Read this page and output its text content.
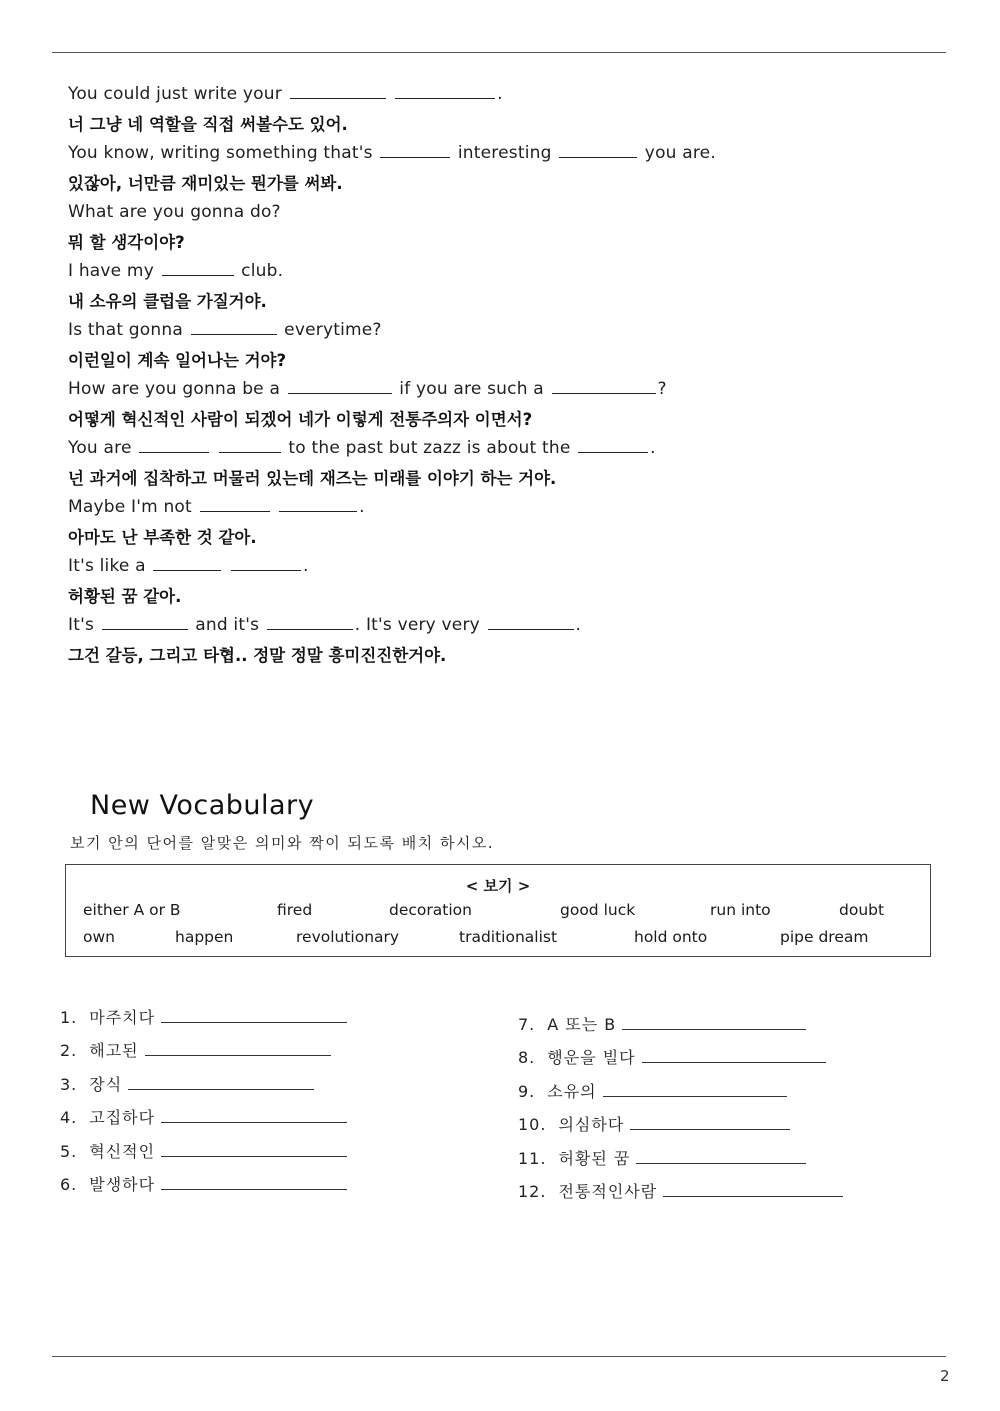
You could just write your	.
너 그냥 네 역할을 직접 써볼수도 있어.
You know, writing something that's	interesting	you are.
있잖아, 너만큼 재미있는 뭔가를 써봐.
What are you gonna do?
뭐 할 생각이야?
I have my	club.
내 소유의 클럽을 가질거야.
Is that gonna	everytime?
이런일이 계속 일어나는 거야?
How are you gonna be a	if you are such a	?
어떻게 혁신적인 사람이 되겠어 네가 이렇게 전통주의자 이면서?
You are	to the past but zazz is about the	.
넌 과거에 집착하고 머물러 있는데 재즈는 미래를 이야기 하는 거야.
Maybe I'm not	.
아마도 난 부족한 것 같아.
It's like a	.
허황된 꿈 같아.
It's	and it's	. It's very very	.
그건 갈등, 그리고 타협.. 정말 정말 흥미진진한거야.
New Vocabulary
보기 안의 단어를 알맞은 의미와 짝이 되도록 배치 하시오.
< 보기 >
either A or B	fired	decoration	good luck	run into	doubt
own	happen	revolutionary	traditionalist	hold onto	pipe dream
1. 마주치다
2. 해고된
3. 장식
4. 고집하다
5. 혁신적인
6. 발생하다
7. A 또는 B
8. 행운을 빌다
9. 소유의
10. 의심하다
11. 허황된 꿈
12. 전통적인사람
2
